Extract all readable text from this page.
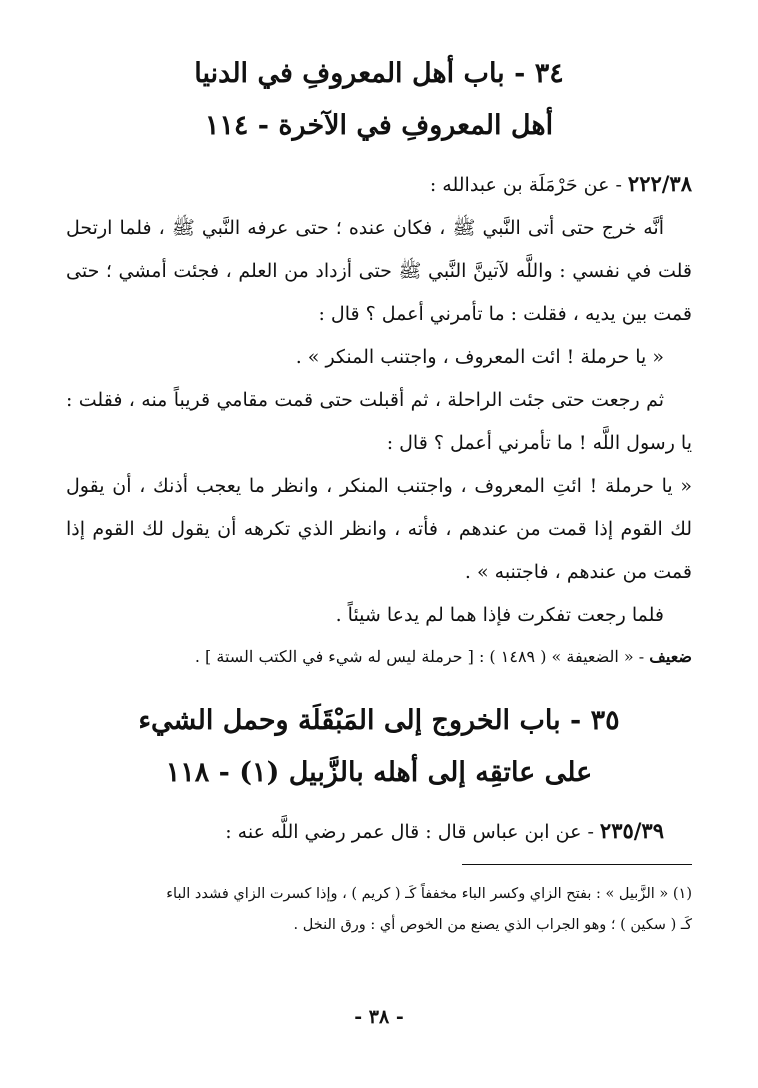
٣٤ - باب أهل المعروفِ في الدنيا
أهل المعروفِ في الآخرة - ١١٤

٢٢٢/٣٨ - عن حَرْمَلَة بن عبدالله :

أنَّه خرج حتى أتى النَّبي ﷺ ، فكان عنده ؛ حتى عرفه النَّبي ﷺ ، فلما ارتحل قلت في نفسي : واللَّه لآتينَّ النَّبي ﷺ حتى أزداد من العلم ، فجئت أمشي ؛ حتى قمت بين يديه ، فقلت : ما تأمرني أعمل ؟ قال :

« يا حرملة ! ائت المعروف ، واجتنب المنكر » .

ثم رجعت حتى جئت الراحلة ، ثم أقبلت حتى قمت مقامي قريباً منه ، فقلت : يا رسول اللَّه ! ما تأمرني أعمل ؟ قال :

« يا حرملة ! ائتِ المعروف ، واجتنب المنكر ، وانظر ما يعجب أذنك ، أن يقول لك القوم إذا قمت من عندهم ، فأته ، وانظر الذي تكرهه أن يقول لك القوم إذا قمت من عندهم ، فاجتنبه » .

فلما رجعت تفكرت فإذا هما لم يدعا شيئاً .

ضعيف - « الضعيفة » ( ١٤٨٩ ) : [ حرملة ليس له شيء في الكتب الستة ] .

٣٥ - باب الخروج إلى المَبْقَلَة وحمل الشيء
على عاتقِه إلى أهله بالزَّبيل (١) - ١١٨

٢٣٥/٣٩ - عن ابن عباس قال : قال عمر رضي اللَّه عنه :

(١) « الزَّبيل » : بفتح الزاي وكسر الباء مخففاً كَـ ( كريم ) ، وإذا كسرت الزاي فشدد الباء

كَـ ( سكين ) ؛ وهو الجراب الذي يصنع من الخوص أي : ورق النخل .

- ٣٨ -
